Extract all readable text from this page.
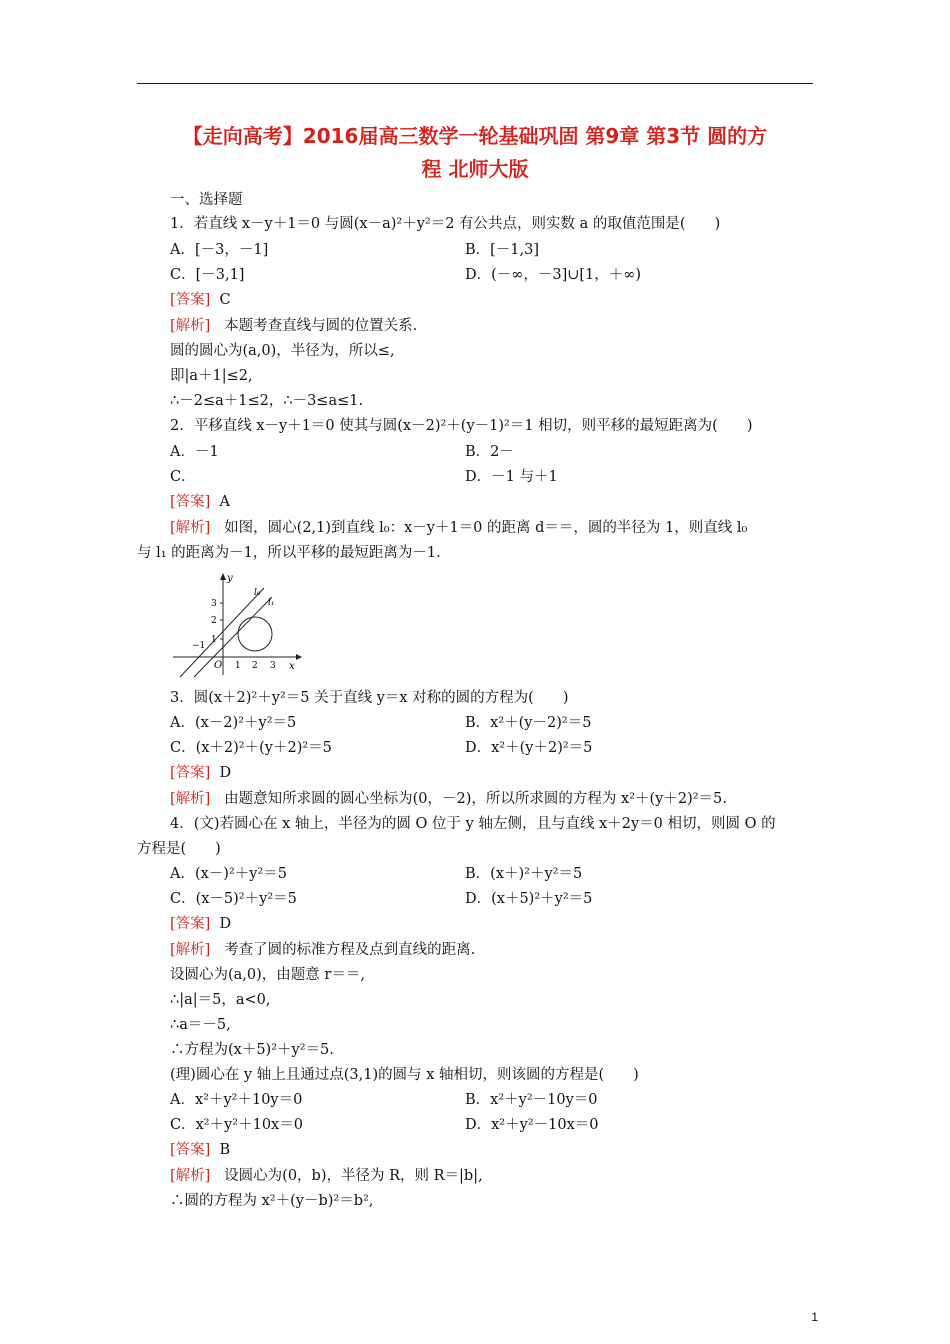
【走向高考】2016届高三数学一轮基础巩固 第9章 第3节 圆的方
程 北师大版
一、选择题
1．若直线 x－y＋1＝0 与圆(x－a)²＋y²＝2 有公共点，则实数 a 的取值范围是(　　)
A．[－3，－1]	B．[－1,3]
C．[－3,1]	D．(－∞，－3]∪[1，＋∞)
[答案] C
[解析] 本题考查直线与圆的位置关系.
圆的圆心为(a,0)，半径为，所以≤,
即|a＋1|≤2,
∴－2≤a＋1≤2，∴－3≤a≤1.
2．平移直线 x－y＋1＝0 使其与圆(x－2)²＋(y－1)²＝1 相切，则平移的最短距离为(　　)
A．－1	B．2－
C．	D．－1 与＋1
[答案] A
[解析] 如图，圆心(2,1)到直线 l₀：x－y＋1＝0 的距离 d＝＝，圆的半径为 1，则直线 l₀
与 l₁ 的距离为－1，所以平移的最短距离为－1.
y
x
O
l₀
l₁
3
2
1
−1
1 2 3
3．圆(x＋2)²＋y²＝5 关于直线 y＝x 对称的圆的方程为(　　)
A．(x－2)²＋y²＝5	B．x²＋(y－2)²＝5
C．(x＋2)²＋(y＋2)²＝5	D．x²＋(y＋2)²＝5
[答案] D
[解析] 由题意知所求圆的圆心坐标为(0，－2)，所以所求圆的方程为 x²＋(y＋2)²＝5.
4．(文)若圆心在 x 轴上，半径为的圆 O 位于 y 轴左侧，且与直线 x＋2y＝0 相切，则圆 O 的
方程是(　　)
A．(x－)²＋y²＝5	B．(x＋)²＋y²＝5
C．(x－5)²＋y²＝5	D．(x＋5)²＋y²＝5
[答案] D
[解析] 考查了圆的标准方程及点到直线的距离.
设圆心为(a,0)，由题意 r＝＝,
∴|a|＝5，a<0,
∴a＝－5,
∴方程为(x＋5)²＋y²＝5.
(理)圆心在 y 轴上且通过点(3,1)的圆与 x 轴相切，则该圆的方程是(　　)
A．x²＋y²＋10y＝0	B．x²＋y²－10y＝0
C．x²＋y²＋10x＝0	D．x²＋y²－10x＝0
[答案] B
[解析] 设圆心为(0，b)，半径为 R，则 R＝|b|,
∴圆的方程为 x²＋(y－b)²＝b²,
1
